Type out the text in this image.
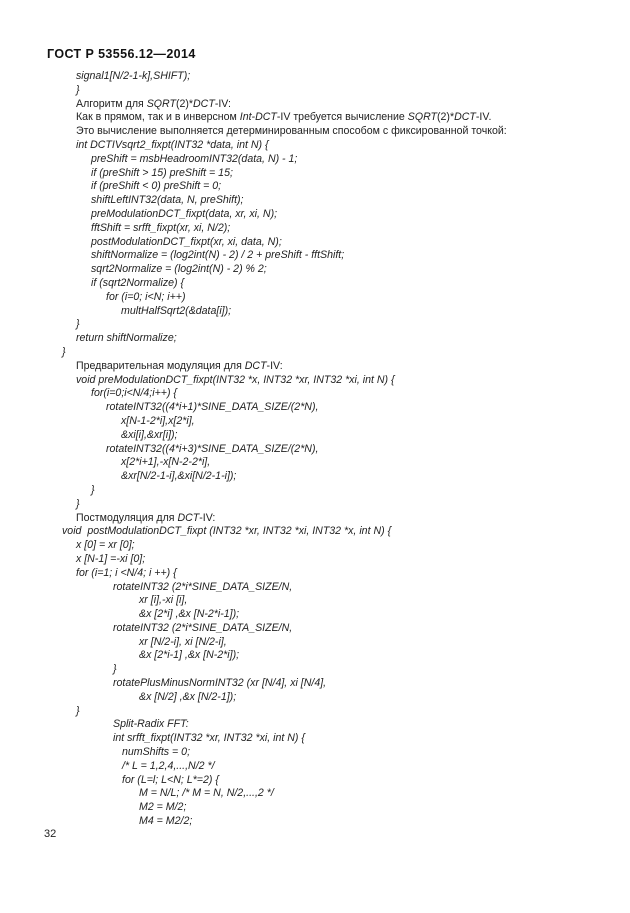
ГОСТ Р 53556.12—2014
signal1[N/2-1-k],SHIFT);
}
Алгоритм для SQRT(2)*DCT-IV:
Как в прямом, так и в инверсном Int-DCT-IV требуется вычисление SQRT(2)*DCT-IV.
Это вычисление выполняется детерминированным способом с фиксированной точкой:
int DCTIVsqrt2_fixpt(INT32 *data, int N) {
preShift = msbHeadroomINT32(data, N) - 1;
if (preShift > 15) preShift = 15;
if (preShift < 0) preShift = 0;
shiftLeftINT32(data, N, preShift);
preModulationDCT_fixpt(data, xr, xi, N);
fftShift = srfft_fixpt(xr, xi, N/2);
postModulationDCT_fixpt(xr, xi, data, N);
shiftNormalize = (log2int(N) - 2) / 2 + preShift - fftShift;
sqrt2Normalize = (log2int(N) - 2) % 2;
if (sqrt2Normalize) {
for (i=0; i<N; i++)
multHalfSqrt2(&data[i]);
}
return shiftNormalize;
}
Предварительная модуляция для DCT-IV:
void preModulationDCT_fixpt(INT32 *x, INT32 *xr, INT32 *xi, int N) {
for(i=0;i<N/4;i++) {
rotateINT32((4*i+1)*SINE_DATA_SIZE/(2*N),
x[N-1-2*i],x[2*i],
&xi[i],&xr[i]);
rotateINT32((4*i+3)*SINE_DATA_SIZE/(2*N),
x[2*i+1],-x[N-2-2*i],
&xr[N/2-1-i],&xi[N/2-1-i]);
}
}
Постмодуляция для DCT-IV:
void  postModulationDCT_fixpt (INT32 *xr, INT32 *xi, INT32 *x, int N) {
x [0] = xr [0];
x [N-1] =-xi [0];
for (i=1; i <N/4; i ++) {
rotateINT32 (2*i*SINE_DATA_SIZE/N,
xr [i],-xi [i],
&x [2*i] ,&x [N-2*i-1]);
rotateINT32 (2*i*SINE_DATA_SIZE/N,
xr [N/2-i], xi [N/2-i],
&x [2*i-1] ,&x [N-2*i]);
}
rotatePlusMinusNormINT32 (xr [N/4], xi [N/4],
&x [N/2] ,&x [N/2-1]);
}
Split-Radix FFT:
int srfft_fixpt(INT32 *xr, INT32 *xi, int N) {
numShifts = 0;
/* L = 1,2,4,...,N/2 */
for (L=l; L<N; L*=2) {
M = N/L; /* M = N, N/2,...,2 */
M2 = M/2;
M4 = M2/2;
32
